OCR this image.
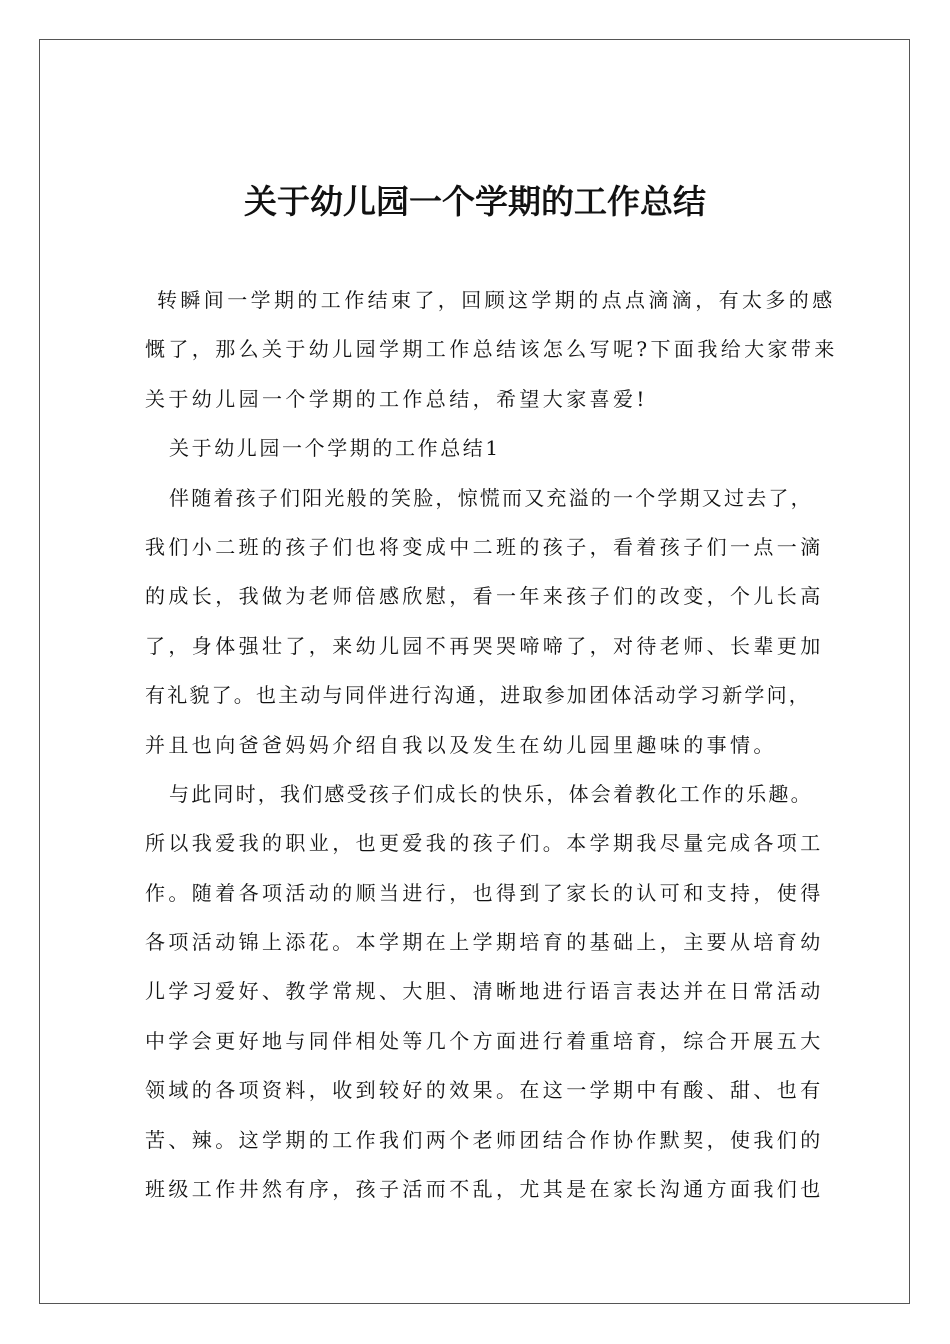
关于幼儿园一个学期的工作总结
转瞬间一学期的工作结束了，回顾这学期的点点滴滴，有太多的感
慨了，那么关于幼儿园学期工作总结该怎么写呢?下面我给大家带来
关于幼儿园一个学期的工作总结，希望大家喜爱!
关于幼儿园一个学期的工作总结1
伴随着孩子们阳光般的笑脸，惊慌而又充溢的一个学期又过去了，
我们小二班的孩子们也将变成中二班的孩子，看着孩子们一点一滴
的成长，我做为老师倍感欣慰，看一年来孩子们的改变，个儿长高
了，身体强壮了，来幼儿园不再哭哭啼啼了，对待老师、长辈更加
有礼貌了。也主动与同伴进行沟通，进取参加团体活动学习新学问，
并且也向爸爸妈妈介绍自我以及发生在幼儿园里趣味的事情。
与此同时，我们感受孩子们成长的快乐，体会着教化工作的乐趣。
所以我爱我的职业，也更爱我的孩子们。本学期我尽量完成各项工
作。随着各项活动的顺当进行，也得到了家长的认可和支持，使得
各项活动锦上添花。本学期在上学期培育的基础上，主要从培育幼
儿学习爱好、教学常规、大胆、清晰地进行语言表达并在日常活动
中学会更好地与同伴相处等几个方面进行着重培育，综合开展五大
领域的各项资料，收到较好的效果。在这一学期中有酸、甜、也有
苦、辣。这学期的工作我们两个老师团结合作协作默契，使我们的
班级工作井然有序，孩子活而不乱，尤其是在家长沟通方面我们也
